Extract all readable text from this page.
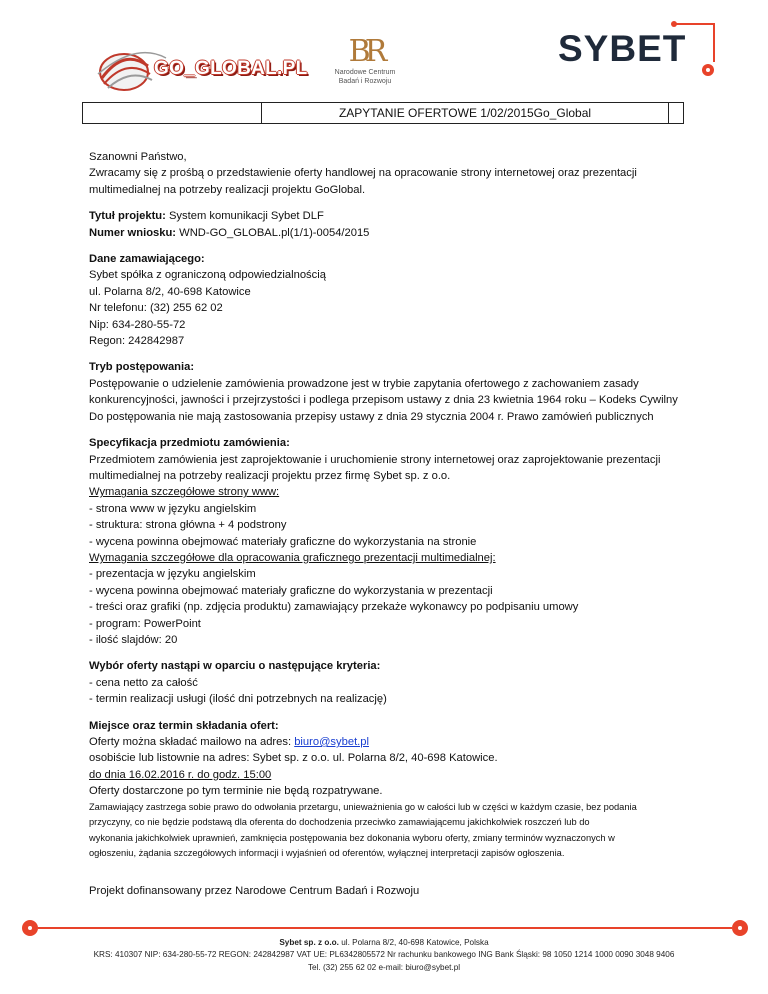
GO_GLOBAL.PL	BR
Narodowe Centrum
Badań i Rozwoju
SYBET
ZAPYTANIE OFERTOWE 1/02/2015Go_Global

Szanowni Państwo,

Zwracamy się z prośbą o przedstawienie oferty handlowej na opracowanie strony internetowej oraz prezentacji

multimedialnej na potrzeby realizacji projektu GoGlobal.

Tytuł projektu: System komunikacji Sybet DLF

Numer wniosku: WND-GO_GLOBAL.pl(1/1)-0054/2015

Dane zamawiającego:

Sybet spółka z ograniczoną odpowiedzialnością

ul. Polarna 8/2, 40-698 Katowice

Nr telefonu: (32) 255 62 02

Nip: 634-280-55-72

Regon: 242842987

Tryb postępowania:

Postępowanie o udzielenie zamówienia prowadzone jest w trybie zapytania ofertowego z zachowaniem zasady

konkurencyjności, jawności i przejrzystości i podlega przepisom ustawy z dnia 23 kwietnia 1964 roku – Kodeks Cywilny

Do postępowania nie mają zastosowania przepisy ustawy z dnia 29 stycznia 2004 r. Prawo zamówień publicznych

Specyfikacja przedmiotu zamówienia:

Przedmiotem zamówienia jest zaprojektowanie i uruchomienie strony internetowej oraz zaprojektowanie prezentacji

multimedialnej na potrzeby realizacji projektu przez firmę Sybet sp. z o.o.

Wymagania szczegółowe strony www:

- strona www w języku angielskim

- struktura: strona główna + 4 podstrony

- wycena powinna obejmować materiały graficzne do wykorzystania na stronie

Wymagania szczegółowe dla opracowania graficznego prezentacji multimedialnej:

- prezentacja w języku angielskim

- wycena powinna obejmować materiały graficzne do wykorzystania w prezentacji

- treści oraz grafiki (np. zdjęcia produktu) zamawiający przekaże wykonawcy po podpisaniu umowy

- program: PowerPoint

- ilość slajdów: 20

Wybór oferty nastąpi w oparciu o następujące kryteria:

- cena netto za całość

- termin realizacji usługi (ilość dni potrzebnych na realizację)

Miejsce oraz termin składania ofert:

Oferty można składać mailowo na adres: biuro@sybet.pl

osobiście lub listownie na adres: Sybet sp. z o.o. ul. Polarna 8/2, 40-698 Katowice.

do dnia 16.02.2016 r. do godz. 15:00

Oferty dostarczone po tym terminie nie będą rozpatrywane.

Zamawiający zastrzega sobie prawo do odwołania przetargu, unieważnienia go w całości lub w części w każdym czasie, bez podania

przyczyny, co nie będzie podstawą dla oferenta do dochodzenia przeciwko zamawiającemu jakichkolwiek roszczeń lub do

wykonania jakichkolwiek uprawnień, zamknięcia postępowania bez dokonania wyboru oferty, zmiany terminów wyznaczonych w

ogłoszeniu, żądania szczegółowych informacji i wyjaśnień od oferentów, wyłącznej interpretacji zapisów ogłoszenia.

Projekt dofinansowany przez Narodowe Centrum Badań i Rozwoju
Sybet sp. z o.o. ul. Polarna 8/2, 40-698 Katowice, Polska
KRS: 410307 NIP: 634-280-55-72 REGON: 242842987 VAT UE: PL6342805572 Nr rachunku bankowego ING Bank Śląski: 98 1050 1214 1000 0090 3048 9406
Tel. (32) 255 62 02 e-mail: biuro@sybet.pl
